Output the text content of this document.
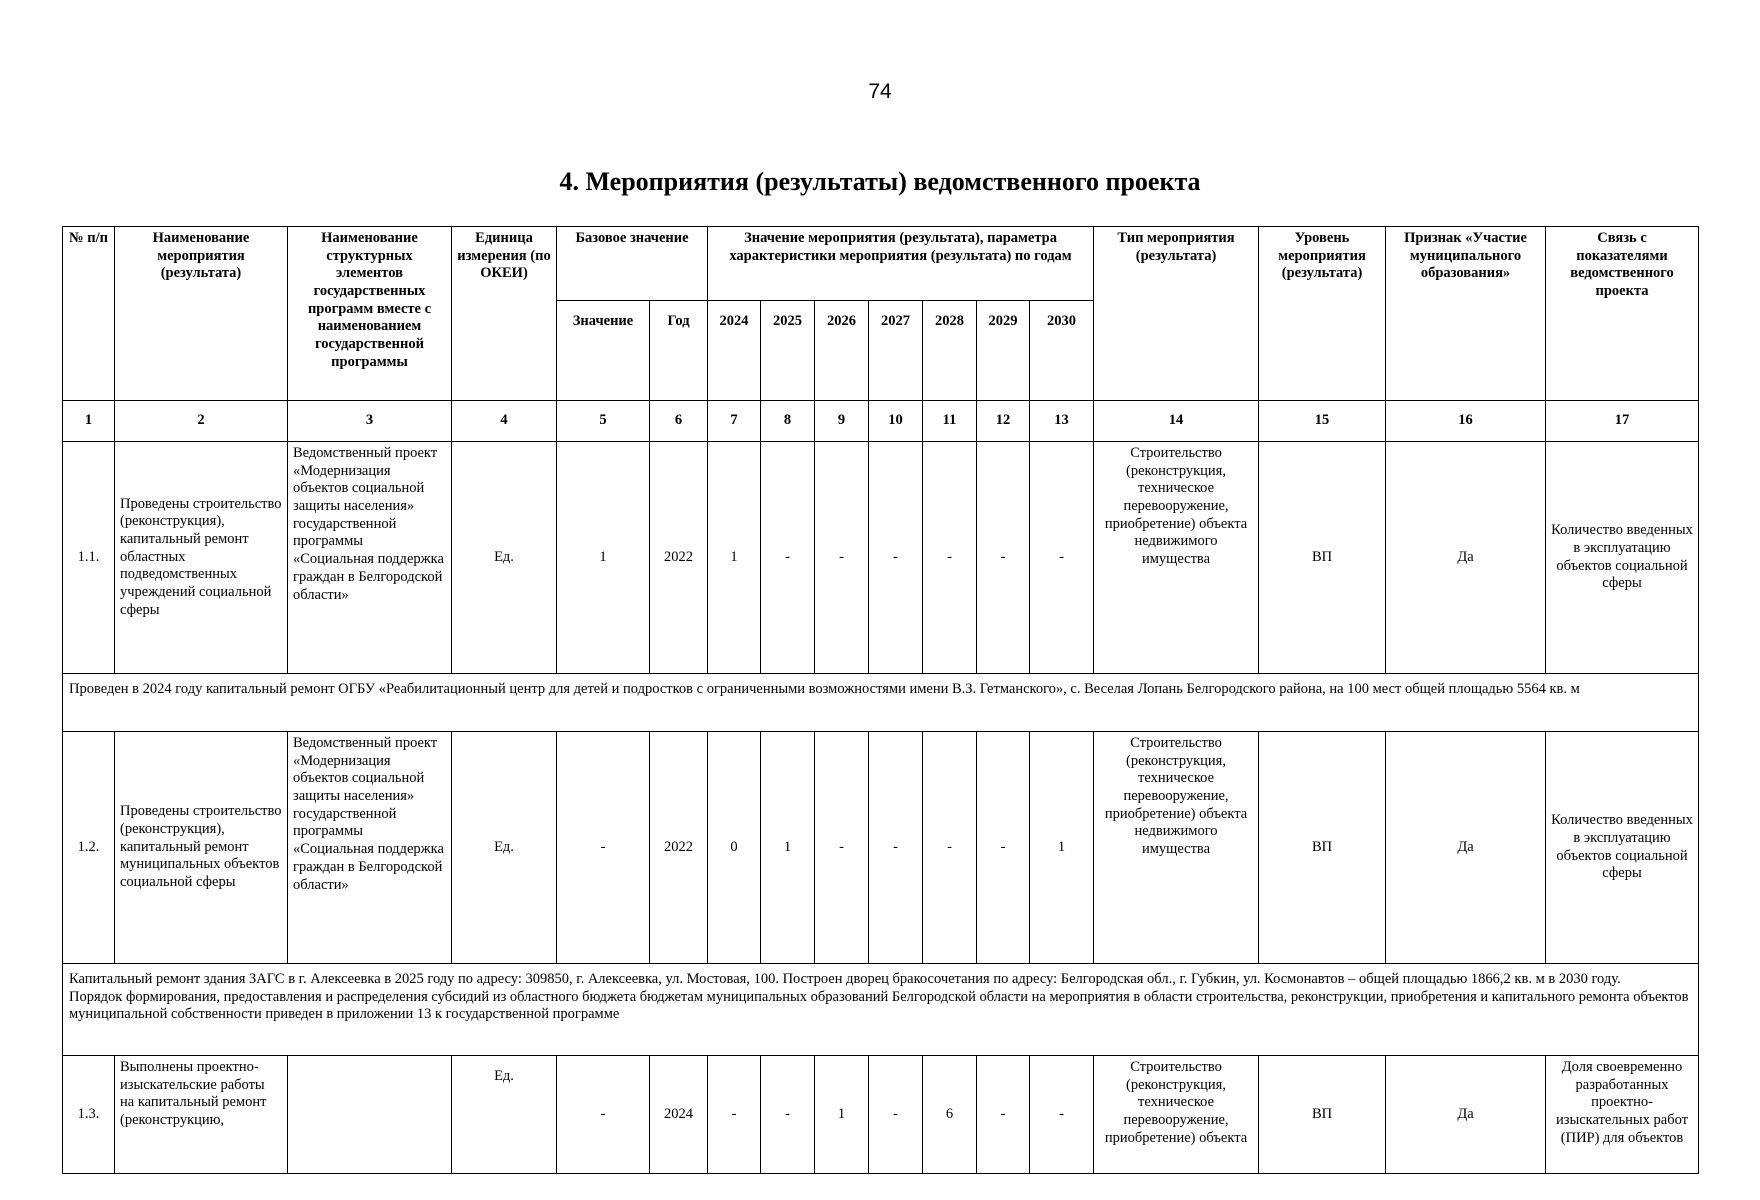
74
4. Мероприятия (результаты) ведомственного проекта
№ п/п	Наименование мероприятия (результата)	Наименование структурных элементов государственных программ вместе с наименованием государственной программы	Единица измерения (по ОКЕИ)	Базовое значение		Значение мероприятия (результата), параметра характеристики мероприятия (результата) по годам							Тип мероприятия (результата)	Уровень мероприятия (результата)	Признак «Участие муниципального образования»	Связь с показателями ведомственного проекта
				Значение	Год	2024	2025	2026	2027	2028	2029	2030				
1	2	3	4	5	6	7	8	9	10	11	12	13	14	15	16	17
1.1.	Проведены строительство (реконструкция), капитальный ремонт областных подведомственных учреждений социальной сферы	Ведомственный проект «Модернизация объектов социальной защиты населения» государственной программы «Социальная поддержка граждан в Белгородской области»	Ед.	1	2022	1	-	-	-	-	-	-	Строительство (реконструкция, техническое перевооружение, приобретение) объекта недвижимого имущества	ВП	Да	Количество введенных в эксплуатацию объектов социальной сферы
Проведен в 2024 году капитальный ремонт ОГБУ «Реабилитационный центр для детей и подростков с ограниченными возможностями имени В.З. Гетманского», с. Веселая Лопань Белгородского района, на 100 мест общей площадью 5564 кв. м																
1.2.	Проведены строительство (реконструкция), капитальный ремонт муниципальных объектов социальной сферы	Ведомственный проект «Модернизация объектов социальной защиты населения» государственной программы «Социальная поддержка граждан в Белгородской области»	Ед.	-	2022	0	1	-	-	-	-	1	Строительство (реконструкция, техническое перевооружение, приобретение) объекта недвижимого имущества	ВП	Да	Количество введенных в эксплуатацию объектов социальной сферы

Капитальный ремонт здания ЗАГС в г. Алексеевка в 2025 году по адресу: 309850, г. Алексеевка, ул. Мостовая, 100. Построен дворец бракосочетания по адресу: Белгородская обл., г. Губкин, ул. Космонавтов – общей площадью 1866,2 кв. м в 2030 году.
Порядок формирования, предоставления и распределения субсидий из областного бюджета бюджетам муниципальных образований Белгородской области на мероприятия в области строительства, реконструкции, приобретения и капитального ремонта объектов муниципальной собственности приведен в приложении 13 к государственной программе																

1.3.	Выполнены проектно-изыскательские работы на капитальный ремонт (реконструкцию,		Ед.	-	2024	-	-	1	-	6	-	-	Строительство (реконструкция, техническое перевооружение, приобретение) объекта	ВП	Да	Доля своевременно разработанных проектно-изыскательных работ (ПИР) для объектов
